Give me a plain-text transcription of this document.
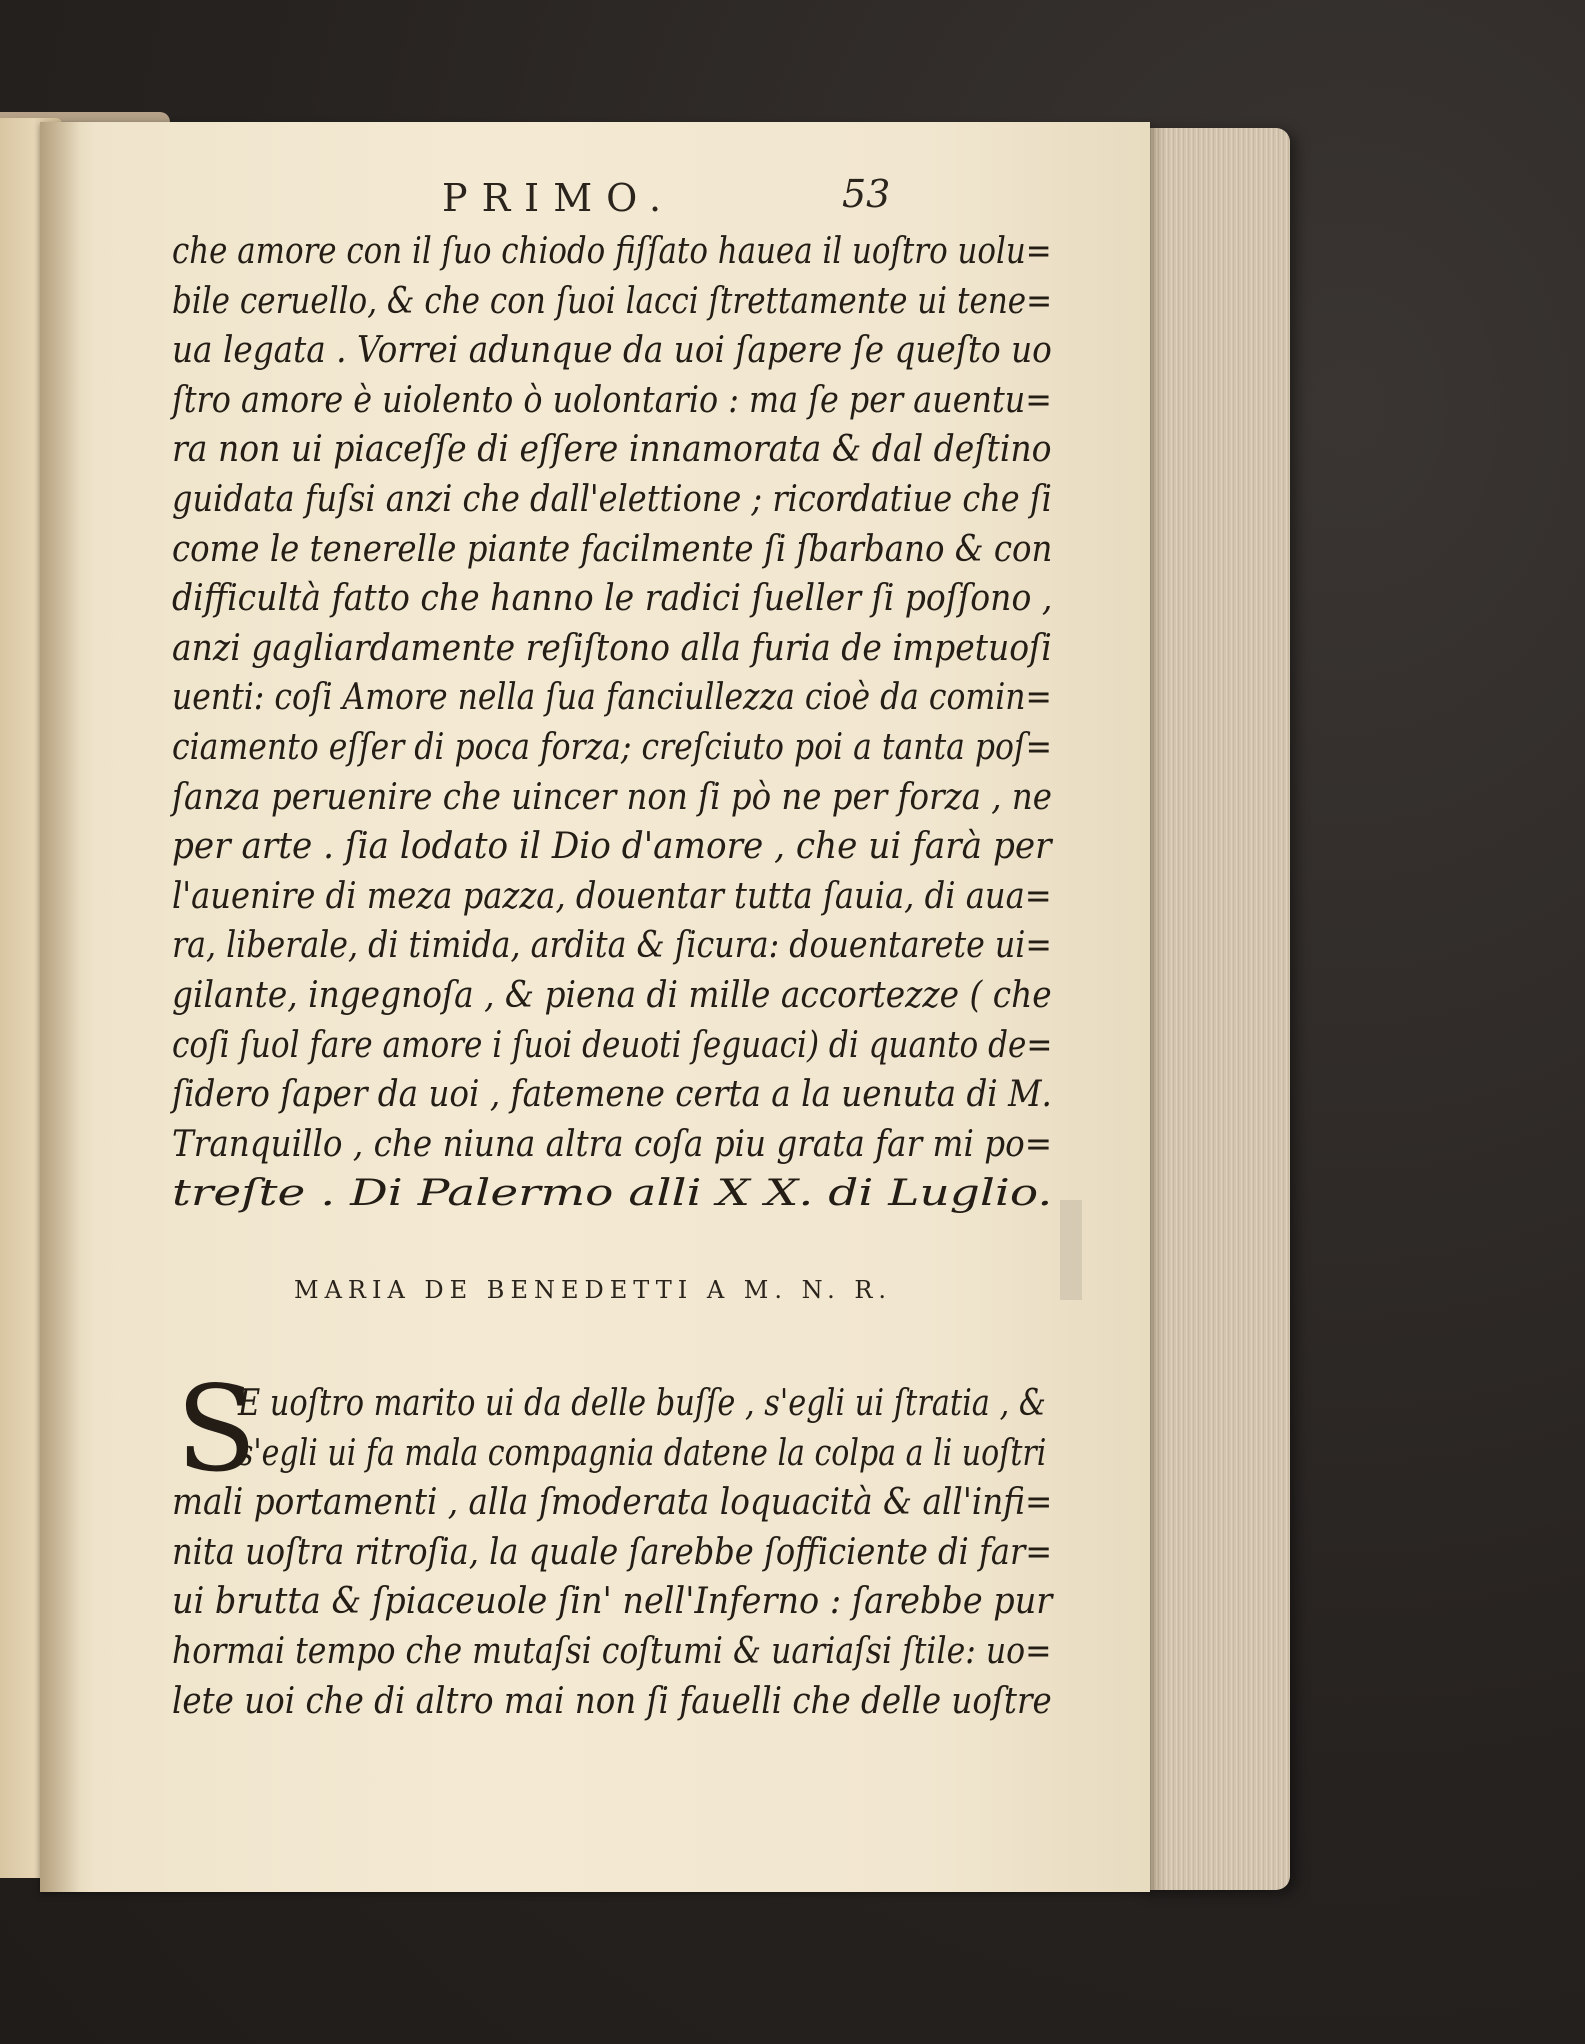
PRIMO.	53
MARIA DE BENEDETTI A M. N. R.
S
che amore con il ſuo chiodo fiſſato haueа il uoſtro uolu=
bile ceruello, & che con ſuoi lacci ſtrettamente ui tene=
ua legata . Vorrei adunque da uoi ſapere ſe queſto uo
ſtro amore è uiolento ò uolontario : ma ſe per auentu=
ra non ui piaceſſe di eſſere innamorata & dal deſtino
guidata fuſsi anzi che dall'elettione ; ricordatiue che ſi
come le tenerelle piante facilmente ſi ſbarbano & con
difficultà fatto che hanno le radici ſueller ſi poſſono ,
anzi gagliardamente reſiſtono alla furia de impetuoſi
uenti: coſi Amore nella ſua fanciullezza cioè da comin=
ciamento eſſer di poca forza; creſciuto poi a tanta poſ=
ſanza peruenire che uincer non ſi pò ne per forza , ne
per arte . ſia lodato il Dio d'amore , che ui farà per
l'auenire di meza pazza, douentar tutta ſauia, di aua=
ra, liberale, di timida, ardita & ſicura: douentarete ui=
gilante, ingegnoſa , & piena di mille accortezze ( che
coſi ſuol fare amore i ſuoi deuoti ſeguaci) di quanto de=
ſidero ſaper da uoi , fatemene certa a la uenuta di M.
Tranquillo , che niuna altra coſa piu grata far mi po=
treſte . Di Palermo alli X X. di Luglio.
E uoſtro marito ui da delle buſſe , s'egli ui ſtratia , &
s'egli ui fa mala compagnia datene la colpa a li uoſtri
mali portamenti , alla ſmoderata loquacità & all'infi=
nita uoſtra ritroſia, la quale ſarebbe ſofficiente di far=
ui brutta & ſpiaceuole ſin' nell'Inferno : ſarebbe pur
hormai tempo che mutaſsi coſtumi & uariaſsi ſtile: uo=
lete uoi che di altro mai non ſi fauelli che delle uoſtre
